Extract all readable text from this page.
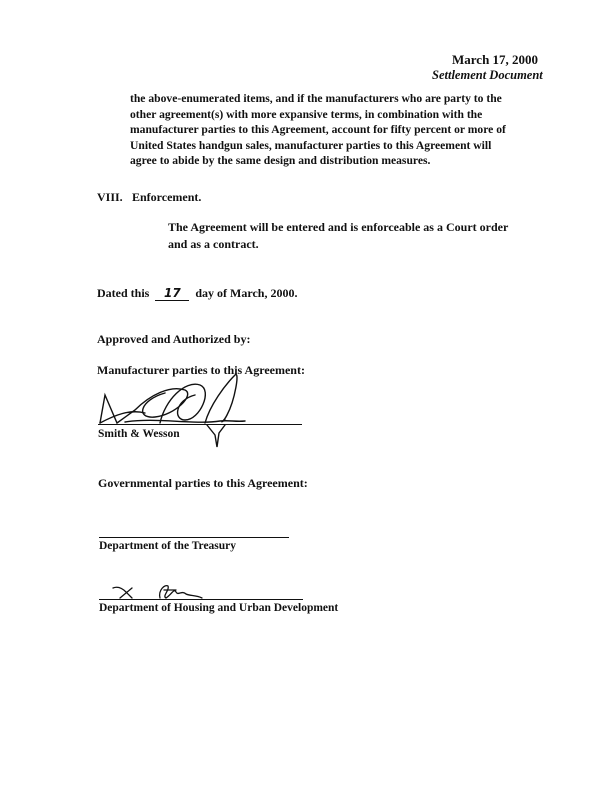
March 17, 2000
Settlement Document
the above-enumerated items, and if the manufacturers who are party to the
other agreement(s) with more expansive terms, in combination with the
manufacturer parties to this Agreement, account for fifty percent or more of
United States handgun sales, manufacturer parties to this Agreement will
agree to abide by the same design and distribution measures.
VIII. Enforcement.
The Agreement will be entered and is enforceable as a Court order
and as a contract.
Dated this 17 day of March, 2000.
Approved and Authorized by:
Manufacturer parties to this Agreement:
Smith & Wesson
Governmental parties to this Agreement:
Department of the Treasury
Department of Housing and Urban Development
